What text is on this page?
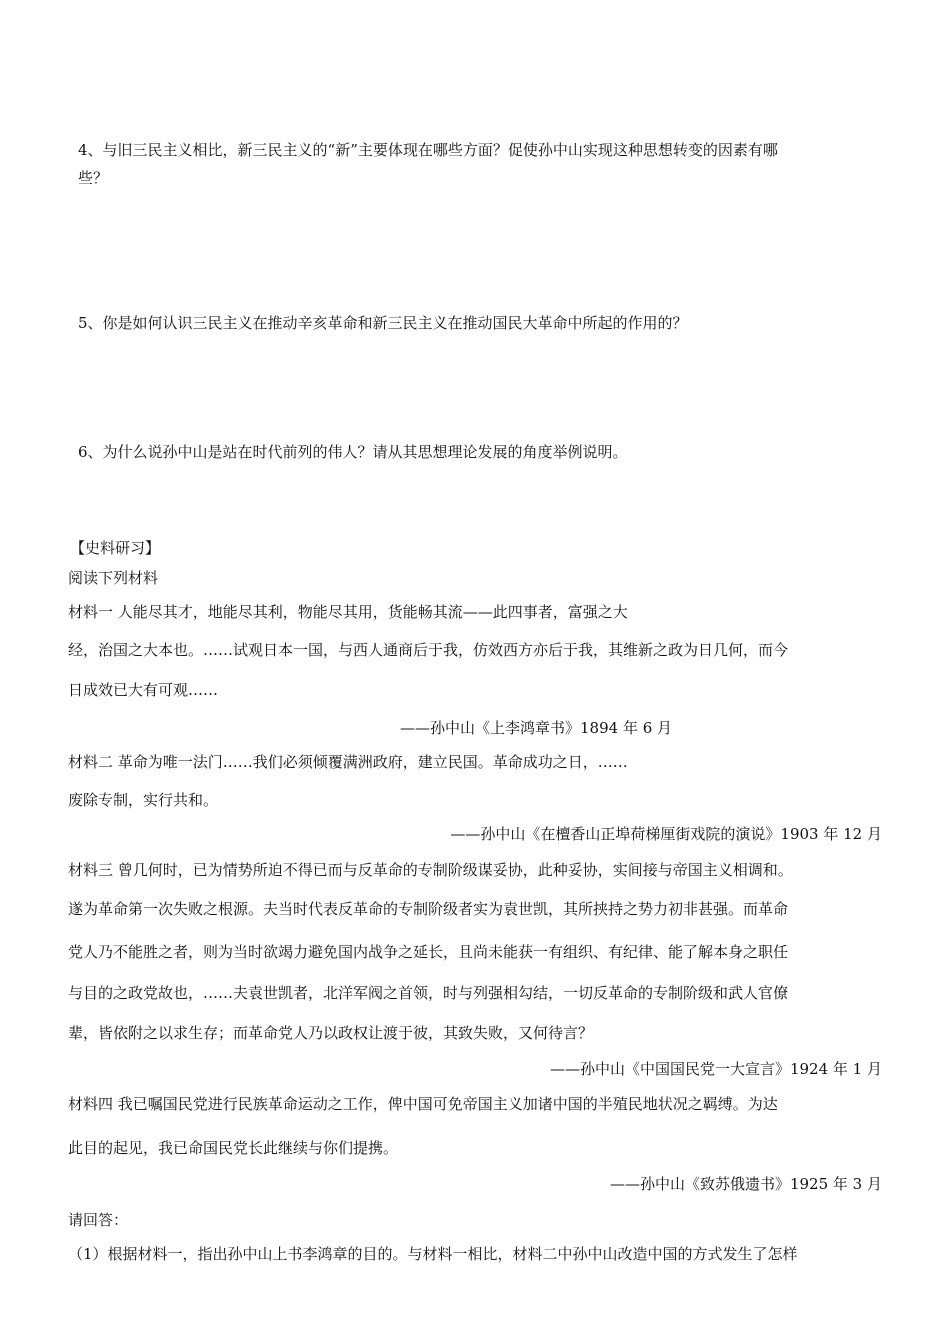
4、与旧三民主义相比，新三民主义的“新”主要体现在哪些方面？促使孙中山实现这种思想转变的因素有哪
些？
5、你是如何认识三民主义在推动辛亥革命和新三民主义在推动国民大革命中所起的作用的？
6、为什么说孙中山是站在时代前列的伟人？请从其思想理论发展的角度举例说明。
【史料研习】
阅读下列材料
材料一 人能尽其才，地能尽其利，物能尽其用，货能畅其流——此四事者，富强之大
经，治国之大本也。……试观日本一国，与西人通商后于我，仿效西方亦后于我，其维新之政为日几何，而今
日成效已大有可观……
——孙中山《上李鸿章书》1894 年 6 月
材料二 革命为唯一法门……我们必须倾覆满洲政府，建立民国。革命成功之日，……
废除专制，实行共和。
——孙中山《在檀香山正埠荷梯厘街戏院的演说》1903 年 12 月
材料三 曾几何时，已为情势所迫不得已而与反革命的专制阶级谋妥协，此种妥协，实间接与帝国主义相调和。
遂为革命第一次失败之根源。夫当时代表反革命的专制阶级者实为袁世凯，其所挟持之势力初非甚强。而革命
党人乃不能胜之者，则为当时欲竭力避免国内战争之延长，且尚未能获一有组织、有纪律、能了解本身之职任
与目的之政党故也，……夫袁世凯者，北洋军阀之首领，时与列强相勾结，一切反革命的专制阶级和武人官僚
辈，皆依附之以求生存；而革命党人乃以政权让渡于彼，其致失败，又何待言？
——孙中山《中国国民党一大宣言》1924 年 1 月
材料四 我已嘱国民党进行民族革命运动之工作，俾中国可免帝国主义加诸中国的半殖民地状况之羁缚。为达
此目的起见，我已命国民党长此继续与你们提携。
——孙中山《致苏俄遗书》1925 年 3 月
请回答：
（1）根据材料一，指出孙中山上书李鸿章的目的。与材料一相比，材料二中孙中山改造中国的方式发生了怎样
